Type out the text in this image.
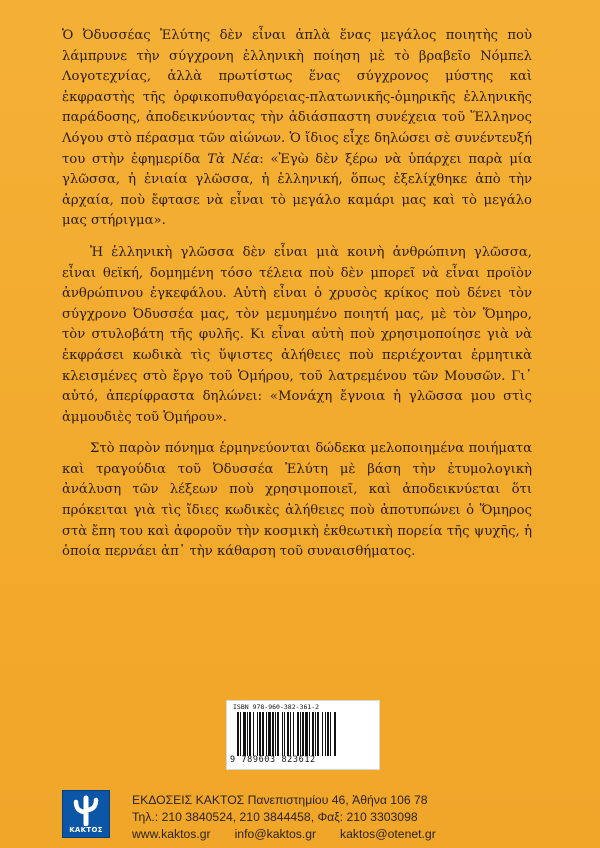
Ὁ Ὀδυσσέας Ἐλύτης δὲν εἶναι ἁπλὰ ἕνας μεγάλος ποιητὴς ποὺ λάμπρυνε τὴν σύγχρονη ἑλληνικὴ ποίηση μὲ τὸ βραβεῖο Νόμπελ Λογοτεχνίας, ἀλλὰ πρωτίστως ἕνας σύγχρονος μύστης καὶ ἐκφραστὴς τῆς ὀρφικοπυθαγόρειας-πλατωνικῆς-ὁμηρικῆς ἑλληνικῆς παράδοσης, ἀποδεικνύοντας τὴν ἀδιάσπαστη συνέχεια τοῦ Ἕλληνος Λόγου στὸ πέρασμα τῶν αἰώνων. Ὁ ἴδιος εἶχε δηλώσει σὲ συνέντευξή του στὴν ἐφημερίδα Τὰ Νέα: «Ἐγὼ δὲν ξέρω νὰ ὑπάρχει παρὰ μία γλῶσσα, ἡ ἑνιαία γλῶσσα, ἡ ἑλληνική, ὅπως ἐξελίχθηκε ἀπὸ τὴν ἀρχαία, ποὺ ἔφτασε νὰ εἶναι τὸ μεγάλο καμάρι μας καὶ τὸ μεγάλο μας στήριγμα».

Ἡ ἑλληνικὴ γλῶσσα δὲν εἶναι μιὰ κοινὴ ἀνθρώπινη γλῶσσα, εἶναι θεϊκή, δομημένη τόσο τέλεια ποὺ δὲν μπορεῖ νὰ εἶναι προϊὸν ἀνθρώπινου ἐγκεφάλου. Αὐτὴ εἶναι ὁ χρυσὸς κρίκος ποὺ δένει τὸν σύγχρονο Ὀδυσσέα μας, τὸν μεμυημένο ποιητή μας, μὲ τὸν Ὅμηρο, τὸν στυλοβάτη τῆς φυλῆς. Κι εἶναι αὐτὴ ποὺ χρησιμοποίησε γιὰ νὰ ἐκφράσει κωδικὰ τὶς ὕψιστες ἀλήθειες ποὺ περιέχονται ἑρμητικὰ κλεισμένες στὸ ἔργο τοῦ Ὁμήρου, τοῦ λατρεμένου τῶν Μουσῶν. Γι᾿ αὐτό, ἀπερίφραστα δηλώνει: «Μονάχη ἔγνοια ἡ γλῶσσα μου στὶς ἀμμουδιὲς τοῦ Ὁμήρου».

Στὸ παρὸν πόνημα ἑρμηνεύονται δώδεκα μελοποιημένα ποιήματα καὶ τραγούδια τοῦ Ὀδυσσέα Ἐλύτη μὲ βάση τὴν ἐτυμολογικὴ ἀνάλυση τῶν λέξεων ποὺ χρησιμοποιεῖ, καὶ ἀποδεικνύεται ὅτι πρόκειται γιὰ τὶς ἴδιες κωδικὲς ἀλήθειες ποὺ ἀποτυπώνει ὁ Ὅμηρος στὰ ἔπη του καὶ ἀφοροῦν τὴν κοσμικὴ ἐκθεωτικὴ πορεία τῆς ψυχῆς, ἡ ὁποία περνάει ἀπ᾿ τὴν κάθαρση τοῦ συναισθήματος.

ISBN 978-960-382-361-2
9 789603 823612
ΚΑΚΤΟΣ
ΕΚΔΟΣΕΙΣ ΚΑΚΤΟΣ Πανεπιστημίου 46, Ἀθήνα 106 78
Τηλ.: 210 3840524, 210 3844458, Φαξ: 210 3303098
www.kaktos.gr info@kaktos.gr kaktos@otenet.gr
